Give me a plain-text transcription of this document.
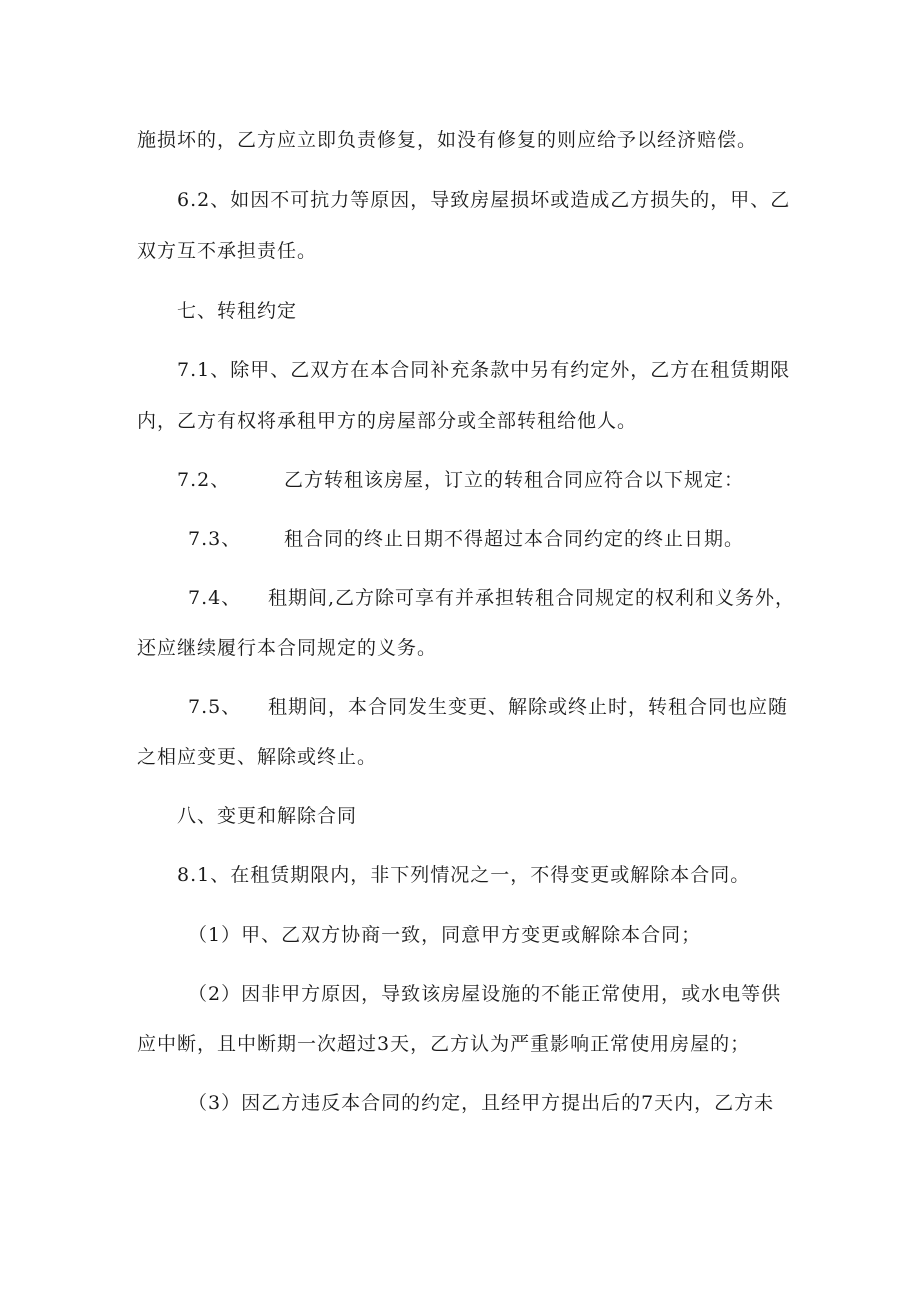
施损坏的，乙方应立即负责修复，如没有修复的则应给予以经济赔偿。
6.2、如因不可抗力等原因，导致房屋损坏或造成乙方损失的，甲、乙
双方互不承担责任。
七、转租约定
7.1、除甲、乙双方在本合同补充条款中另有约定外，乙方在租赁期限
内，乙方有权将承租甲方的房屋部分或全部转租给他人。
7.2、	乙方转租该房屋，订立的转租合同应符合以下规定：
7.3、 租合同的终止日期不得超过本合同约定的终止日期。
7.4、 租期间,乙方除可享有并承担转租合同规定的权利和义务外，
还应继续履行本合同规定的义务。
7.5、 租期间，本合同发生变更、解除或终止时，转租合同也应随
之相应变更、解除或终止。
八、变更和解除合同
8.1、在租赁期限内，非下列情况之一，不得变更或解除本合同。
（1）甲、乙双方协商一致，同意甲方变更或解除本合同；
（2）因非甲方原因，导致该房屋设施的不能正常使用，或水电等供
应中断，且中断期一次超过3天，乙方认为严重影响正常使用房屋的；
（3）因乙方违反本合同的约定，且经甲方提出后的7天内，乙方未
